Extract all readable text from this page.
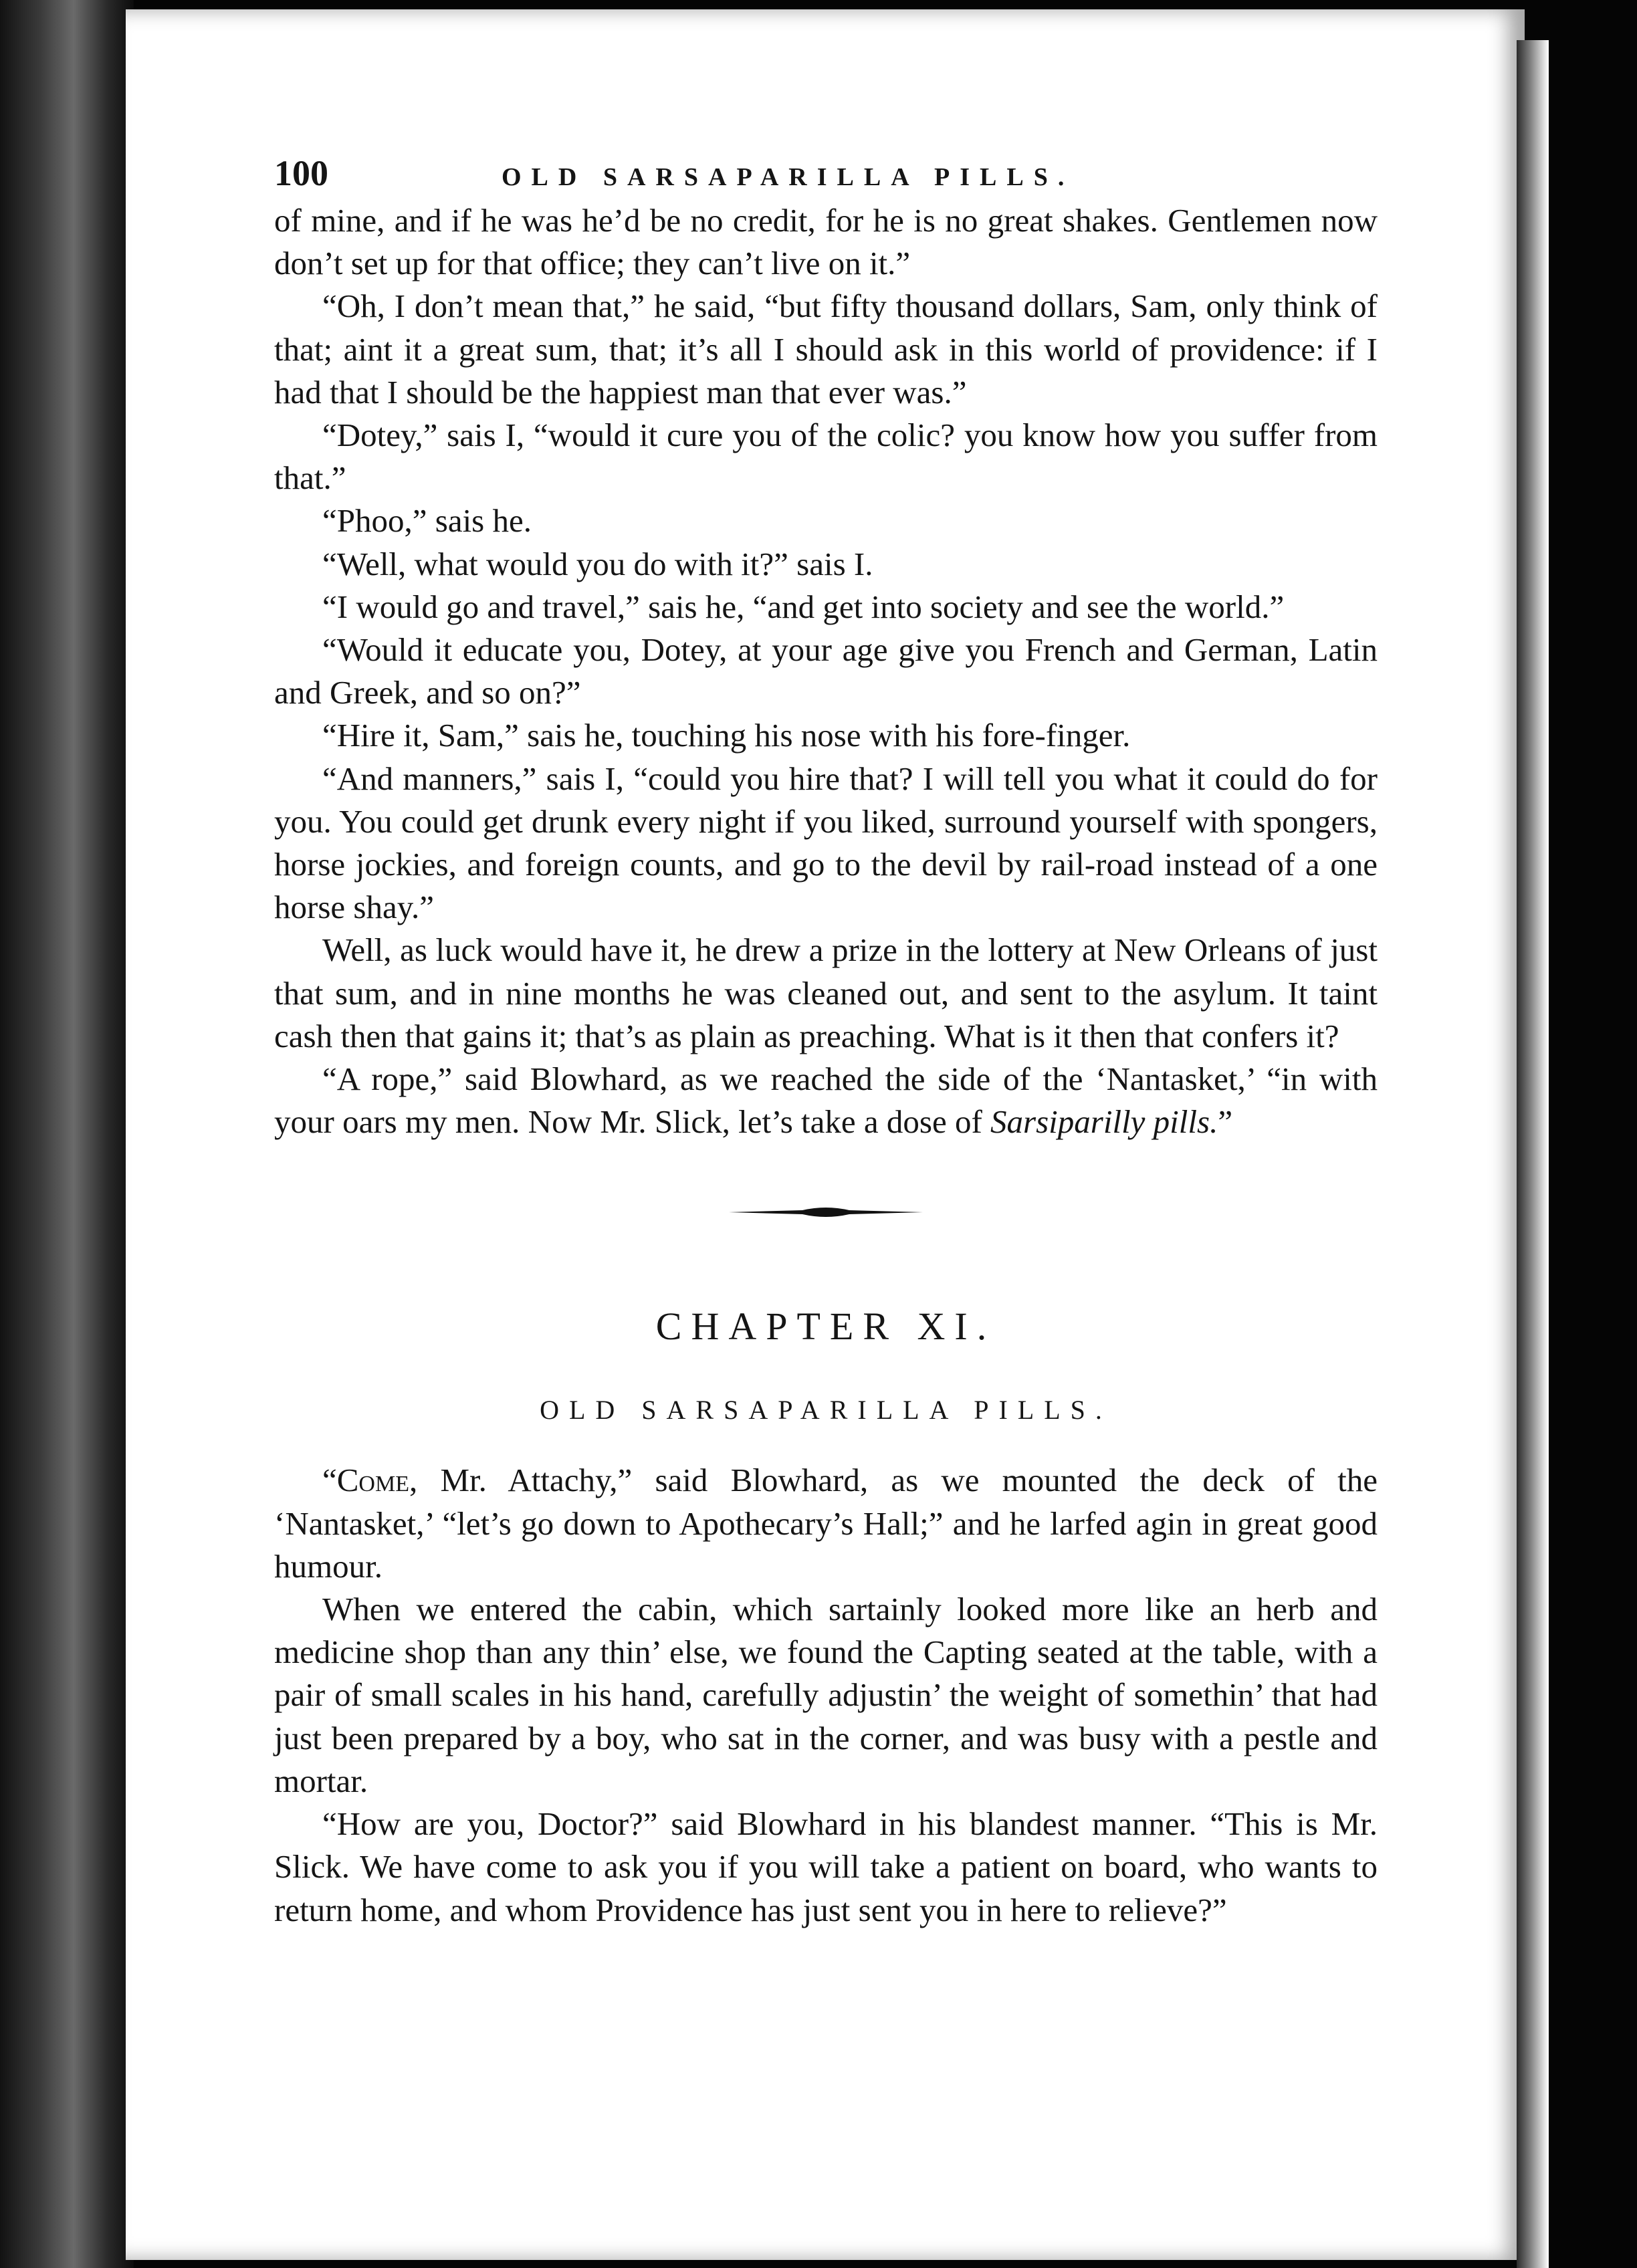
100	OLD SARSAPARILLA PILLS.

of mine, and if he was he’d be no credit, for he is no great shakes. Gentlemen now don’t set up for that office; they can’t live on it.”

“Oh, I don’t mean that,” he said, “but fifty thousand dollars, Sam, only think of that; aint it a great sum, that; it’s all I should ask in this world of providence: if I had that I should be the happiest man that ever was.”

“Dotey,” sais I, “would it cure you of the colic? you know how you suffer from that.”

“Phoo,” sais he.

“Well, what would you do with it?” sais I.

“I would go and travel,” sais he, “and get into society and see the world.”

“Would it educate you, Dotey, at your age give you French and German, Latin and Greek, and so on?”

“Hire it, Sam,” sais he, touching his nose with his fore-finger.

“And manners,” sais I, “could you hire that? I will tell you what it could do for you. You could get drunk every night if you liked, surround yourself with spongers, horse jockies, and foreign counts, and go to the devil by rail-road instead of a one horse shay.”

Well, as luck would have it, he drew a prize in the lottery at New Orleans of just that sum, and in nine months he was cleaned out, and sent to the asylum. It taint cash then that gains it; that’s as plain as preaching. What is it then that confers it?

“A rope,” said Blowhard, as we reached the side of the ‘Nantasket,’ “in with your oars my men. Now Mr. Slick, let’s take a dose of Sarsiparilly pills.”

CHAPTER XI.
OLD SARSAPARILLA PILLS.

“Come, Mr. Attachy,” said Blowhard, as we mounted the deck of the ‘Nantasket,’ “let’s go down to Apothecary’s Hall;” and he larfed agin in great good humour.

When we entered the cabin, which sartainly looked more like an herb and medicine shop than any thin’ else, we found the Capting seated at the table, with a pair of small scales in his hand, carefully adjustin’ the weight of somethin’ that had just been prepared by a boy, who sat in the corner, and was busy with a pestle and mortar.

“How are you, Doctor?” said Blowhard in his blandest manner. “This is Mr. Slick. We have come to ask you if you will take a patient on board, who wants to return home, and whom Providence has just sent you in here to relieve?”
